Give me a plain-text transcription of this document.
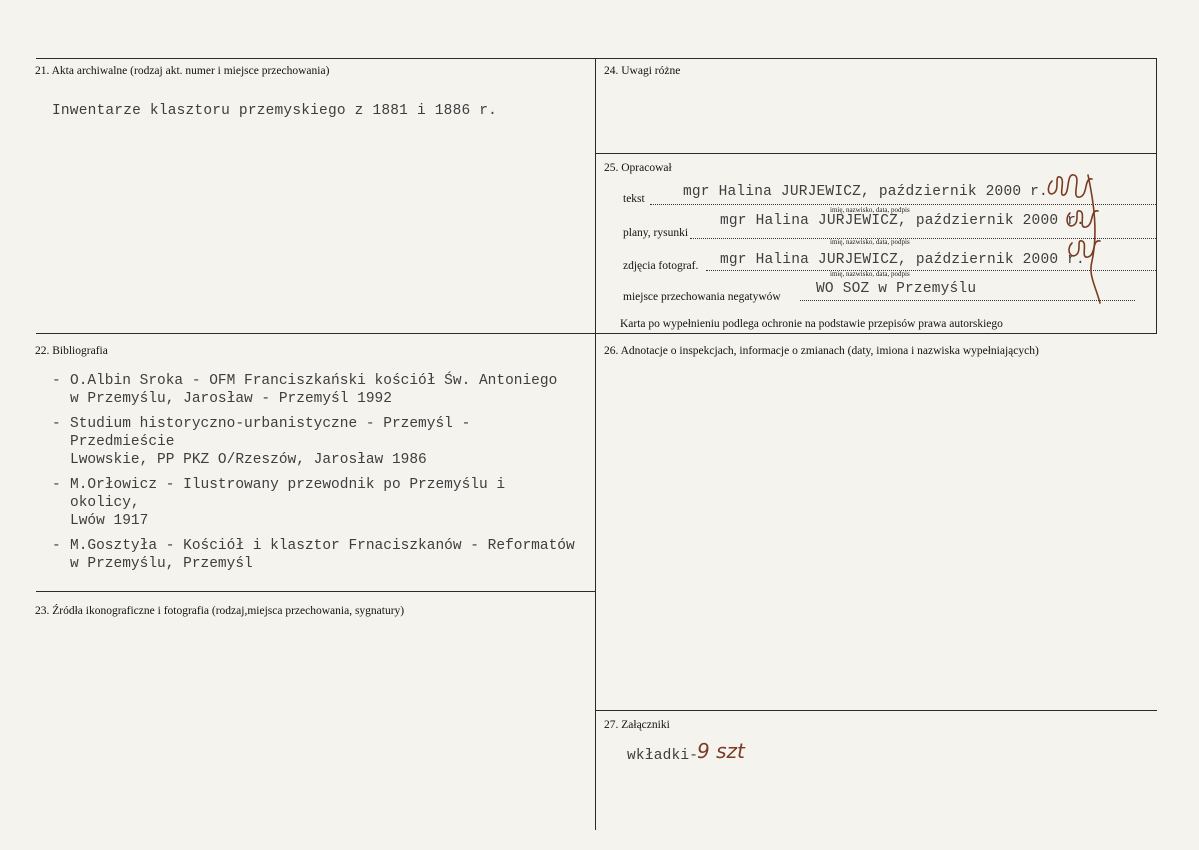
21. Akta archiwalne (rodzaj akt. numer i miejsce przechowania)
Inwentarze klasztoru przemyskiego z 1881 i 1886 r.
24. Uwagi różne
25. Opracował
tekst	mgr Halina JURJEWICZ, październik 2000 r.
imię, nazwisko, data, podpis
plany, rysunki
mgr Halina JURJEWICZ, październik 2000 r.
imię, nazwisko, data, podpis
zdjęcia fotograf. mgr Halina JURJEWICZ, październik 2000 r.
imię, nazwisko, data, podpis
miejsce przechowania negatywów WO SOZ w Przemyślu
Karta po wypełnieniu podlega ochronie na podstawie przepisów prawa autorskiego
22. Bibliografia
- O.Albin Sroka - OFM Franciszkański kościół Św. Antoniego
w Przemyślu, Jarosław - Przemyśl 1992
- Studium historyczno-urbanistyczne - Przemyśl - Przedmieście
Lwowskie, PP PKZ O/Rzeszów, Jarosław 1986
- M.Orłowicz - Ilustrowany przewodnik po Przemyślu i okolicy,
Lwów 1917
- M.Gosztyła - Kościół i klasztor Frnaciszkanów - Reformatów
w Przemyślu, Przemyśl
23. Źródła ikonograficzne i fotografia (rodzaj,miejsca przechowania, sygnatury)
26. Adnotacje o inspekcjach, informacje o zmianach (daty, imiona i nazwiska wypełniających)
27. Załączniki
wkładki-
9 szt
